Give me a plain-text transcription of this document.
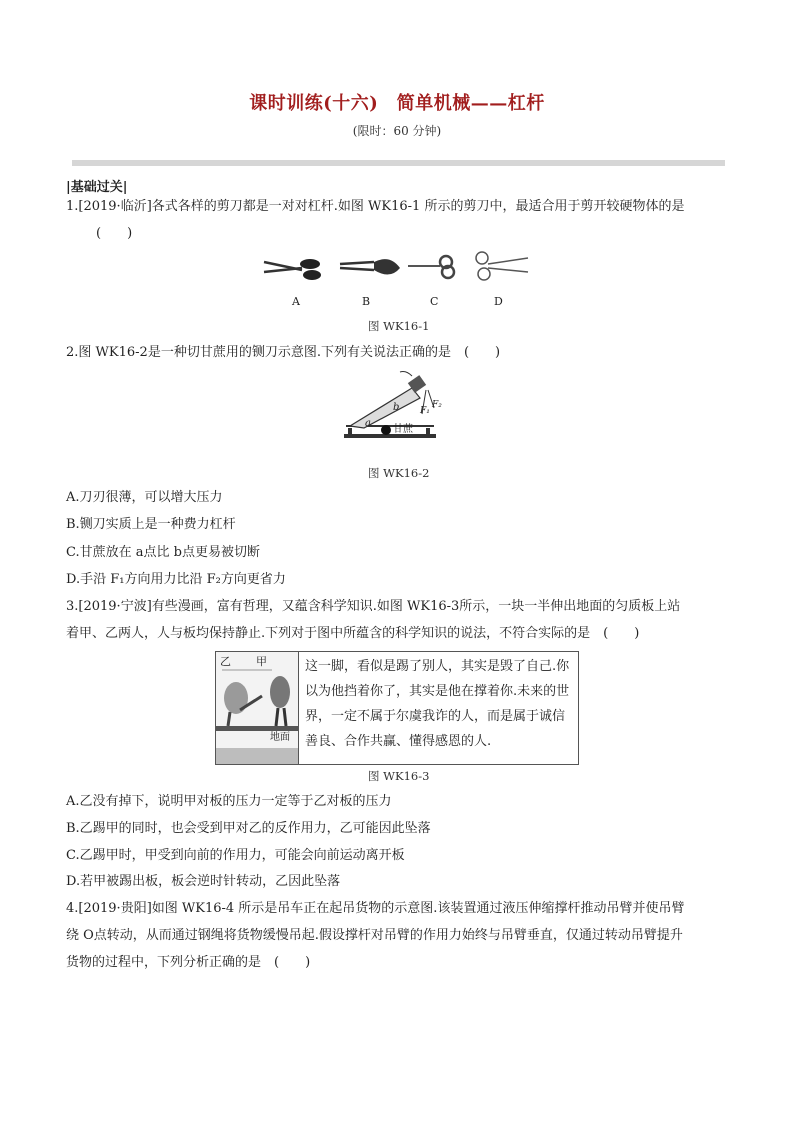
课时训练(十六)　简单机械——杠杆
(限时：60 分钟)
|基础过关|
1.[2019·临沂]各式各样的剪刀都是一对对杠杆.如图 WK16-1 所示的剪刀中，最适合用于剪开较硬物体的是
(　　)
A	B	C	D
图 WK16-1
2.图 WK16-2是一种切甘蔗用的铡刀示意图.下列有关说法正确的是　(　　)
a
b F₁
F₂
甘蔗
图 WK16-2
A.刀刃很薄，可以增大压力
B.铡刀实质上是一种费力杠杆
C.甘蔗放在 a点比 b点更易被切断
D.手沿 F₁方向用力比沿 F₂方向更省力
3.[2019·宁波]有些漫画，富有哲理，又蕴含科学知识.如图 WK16-3所示，一块一半伸出地面的匀质板上站
着甲、乙两人，人与板均保持静止.下列对于图中所蕴含的科学知识的说法，不符合实际的是　(　　)
乙 甲
地面
这一脚，看似是踢了别人，其实是毁了自己.你以为他挡着你了，其实是他在撑着你.未来的世界，一定不属于尔虞我诈的人，而是属于诚信善良、合作共赢、懂得感恩的人.
图 WK16-3
A.乙没有掉下，说明甲对板的压力一定等于乙对板的压力
B.乙踢甲的同时，也会受到甲对乙的反作用力，乙可能因此坠落
C.乙踢甲时，甲受到向前的作用力，可能会向前运动离开板
D.若甲被踢出板，板会逆时针转动，乙因此坠落
4.[2019·贵阳]如图 WK16-4 所示是吊车正在起吊货物的示意图.该装置通过液压伸缩撑杆推动吊臂并使吊臂
绕 O点转动，从而通过钢绳将货物缓慢吊起.假设撑杆对吊臂的作用力始终与吊臂垂直，仅通过转动吊臂提升
货物的过程中，下列分析正确的是　(　　)
